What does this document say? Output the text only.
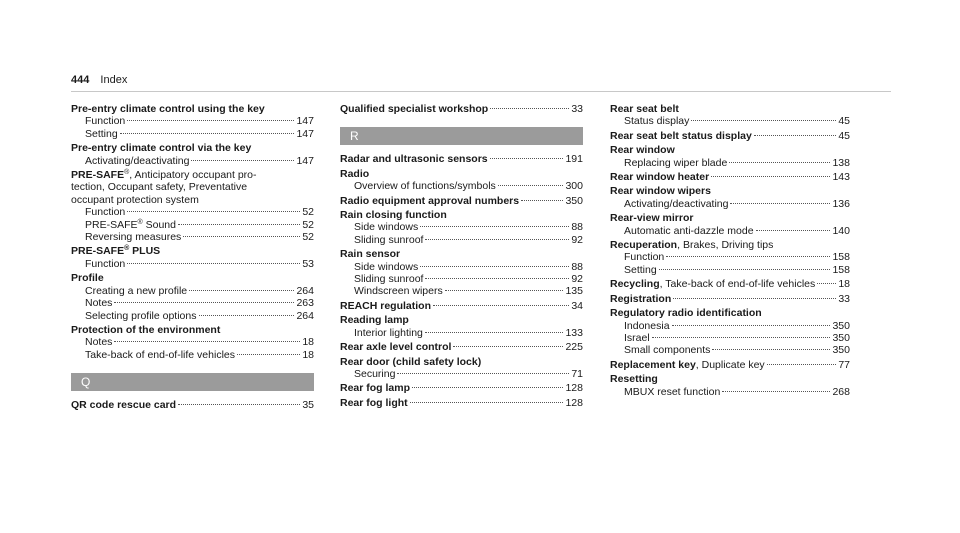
444 Index
Pre-entry climate control using the key
Function	147
Setting	147
Pre-entry climate control via the key
Activating/deactivating	147
PRE-SAFE®, Anticipatory occupant pro-
tection, Occupant safety, Preventative
occupant protection system
Function	52
PRE-SAFE® Sound	52
Reversing measures	52
PRE-SAFE® PLUS
Function	53
Profile
Creating a new profile	264
Notes	263
Selecting profile options	264
Protection of the environment
Notes	18
Take-back of end-of-life vehicles	18
Q
QR code rescue card	35
Qualified specialist workshop	33
R
Radar and ultrasonic sensors	191
Radio
Overview of functions/symbols	300
Radio equipment approval numbers	350
Rain closing function
Side windows	88
Sliding sunroof	92
Rain sensor
Side windows	88
Sliding sunroof	92
Windscreen wipers	135
REACH regulation	34
Reading lamp
Interior lighting	133
Rear axle level control	225
Rear door (child safety lock)
Securing	71
Rear fog lamp	128
Rear fog light	128
Rear seat belt
Status display	45
Rear seat belt status display	45
Rear window
Replacing wiper blade	138
Rear window heater	143
Rear window wipers
Activating/deactivating	136
Rear-view mirror
Automatic anti-dazzle mode	140
Recuperation, Brakes, Driving tips
Function	158
Setting	158
Recycling, Take-back of end-of-life vehicles 18
Registration	33
Regulatory radio identification
Indonesia	350
Israel	350
Small components	350
Replacement key, Duplicate key	77
Resetting
MBUX reset function	268
